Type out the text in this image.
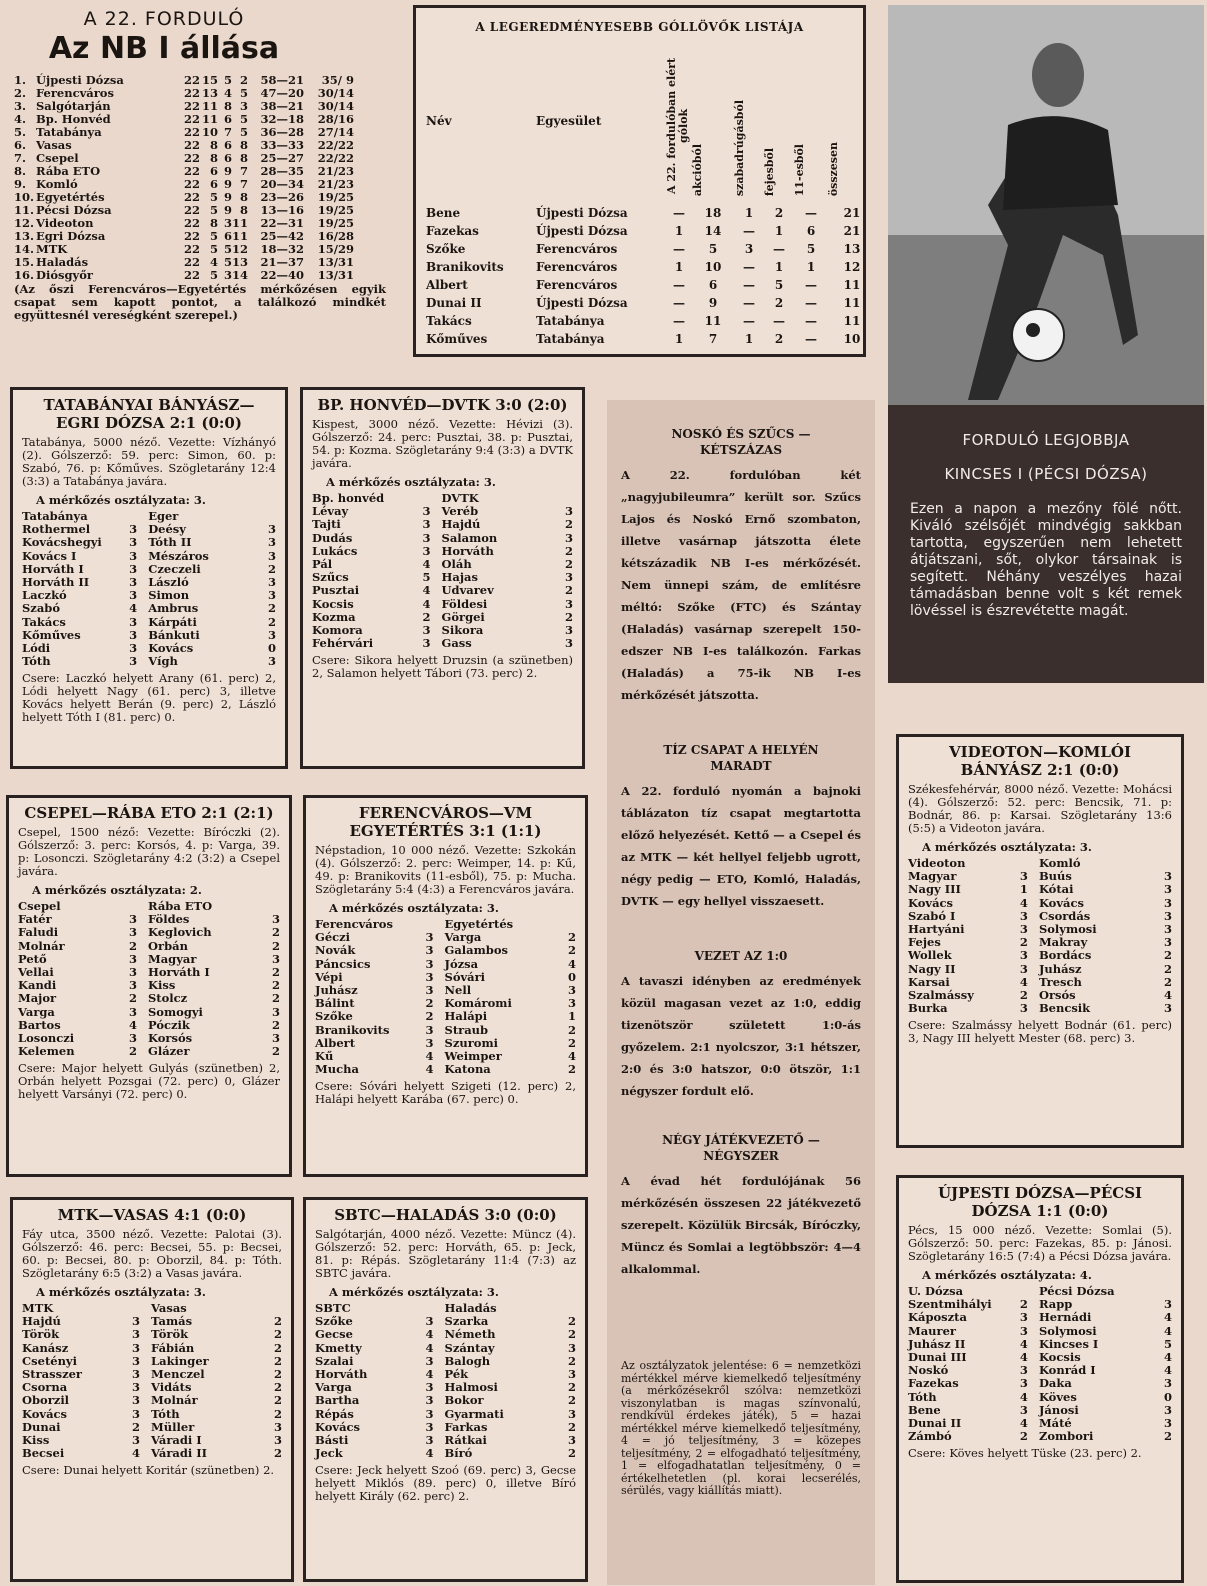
A 22. FORDULÓ
Az NB I állása
1. Újpesti Dózsa	22 15 5 2	58—21	35/ 9
2. Ferencváros	22 13 4 5	47—20	30/14
3. Salgótarján	22 11 8 3	38—21	30/14
4. Bp. Honvéd	22 11 6 5	32—18	28/16
5. Tatabánya	22 10 7 5	36—28	27/14
6. Vasas	22 8 6 8	33—33	22/22
7. Csepel	22 8 6 8	25—27	22/22
8. Rába ETO	22 6 9 7	28—35	21/23
9. Komló	22 6 9 7	20—34	21/23
10. Egyetértés	22 5 9 8	23—26	19/25
11. Pécsi Dózsa	22 5 9 8	13—16	19/25
12. Videoton	22 8 3 11	22—31	19/25
13. Egri Dózsa	22 5 6 11	25—42	16/28
14. MTK	22 5 5 12	18—32	15/29
15. Haladás	22 4 5 13	21—37	13/31
16. Diósgyőr	22 5 3 14	22—40	13/31
(Az őszi Ferencváros—Egyetértés mérkőzésen egyik csapat sem kapott pontot, a találkozó mindkét együttesnél vereségként szerepel.)
A LEGEREDMÉNYESEBB GÓLLÖVŐK LISTÁJA
Név	Egyesület	A 22. fordulóban elért gólok
akcióból	szabadrúgásból	fejesből	11-esből	összesen
Bene	Újpesti Dózsa	—	18	1	2	—	21
Fazekas	Újpesti Dózsa	1	14	—	1	6	21
Szőke	Ferencváros	—	5	3	—	5	13
Branikovits	Ferencváros	1	10	—	1	1	12
Albert	Ferencváros	—	6	—	5	—	11
Dunai II	Újpesti Dózsa	—	9	—	2	—	11
Takács	Tatabánya	—	11	—	—	—	11
Kőműves	Tatabánya	1	7	1	2	—	10
FORDULÓ LEGJOBBJA
KINCSES I (PÉCSI DÓZSA)
Ezen a napon a mezőny fölé nőtt. Kiváló szélsőjét mindvégig sakkban tartotta, egyszerűen nem lehetett átjátszani, sőt, olykor társainak is segített. Néhány veszélyes hazai támadásban benne volt s két remek lövéssel is észrevétette magát.
NOSKÓ ÉS SZŰCS — KÉTSZÁZAS

A 22. fordulóban két „nagyjubileumra” került sor. Szűcs Lajos és Noskó Ernő szombaton, illetve vasárnap játszotta élete kétszázadik NB I-es mérkőzését. Nem ünnepi szám, de említésre méltó: Szőke (FTC) és Szántay (Haladás) vasárnap szerepelt 150-edszer NB I-es találkozón. Farkas (Haladás) a 75-ik NB I-es mérkőzését játszotta.

TÍZ CSAPAT A HELYÉN MARADT

A 22. forduló nyomán a bajnoki táblázaton tíz csapat megtartotta előző helyezését. Kettő — a Csepel és az MTK — két hellyel feljebb ugrott, négy pedig — ETO, Komló, Haladás, DVTK — egy hellyel visszaesett.

VEZET AZ 1:0

A tavaszi idényben az eredmények közül magasan vezet az 1:0, eddig tizenötször született 1:0-ás győzelem. 2:1 nyolcszor, 3:1 hétszer, 2:0 és 3:0 hatszor, 0:0 ötször, 1:1 négyszer fordult elő.

NÉGY JÁTÉKVEZETŐ — NÉGYSZER

A évad hét fordulójának 56 mérkőzésén összesen 22 játékvezető szerepelt. Közülük Bircsák, Bíróczky, Müncz és Somlai a legtöbbször: 4—4 alkalommal.

Az osztályzatok jelentése: 6 = nemzetközi mértékkel mérve kiemelkedő teljesítmény (a mérkőzésekről szólva: nemzetközi viszonylatban is magas színvonalú, rendkívül érdekes játék), 5 = hazai mértékkel mérve kiemelkedő teljesítmény, 4 = jó teljesítmény, 3 = közepes teljesítmény, 2 = elfogadható teljesítmény, 1 = elfogadhatatlan teljesítmény, 0 = értékelhetetlen (pl. korai lecserélés, sérülés, vagy kiállítás miatt).

TATABÁNYAI BÁNYÁSZ—EGRI DÓZSA 2:1 (0:0)
Tatabánya, 5000 néző. Vezette: Vízhányó (2). Gólszerző: 59. perc: Simon, 60. p: Szabó, 76. p: Kőműves. Szögletarány 12:4 (3:3) a Tatabánya javára.
A mérkőzés osztályzata: 3.
Tatabánya	Eger
Rothermel	3 Deésy	3
Kovácshegyi	3 Tóth II	3
Kovács I	3 Mészáros	3
Horváth I	3 Czeczeli	2
Horváth II	3 László	3
Laczkó	3 Simon	3
Szabó	4 Ambrus	2
Takács	3 Kárpáti	2
Kőműves	3 Bánkuti	3
Lódi	3 Kovács	0
Tóth	3 Vígh	3
Csere: Laczkó helyett Arany (61. perc) 2, Lódi helyett Nagy (61. perc) 3, illetve Kovács helyett Berán (9. perc) 2, László helyett Tóth I (81. perc) 0.
BP. HONVÉD—DVTK 3:0 (2:0)
Kispest, 3000 néző. Vezette: Hévizi (3). Gólszerző: 24. perc: Pusztai, 38. p: Pusztai, 54. p: Kozma. Szögletarány 9:4 (3:3) a DVTK javára.
A mérkőzés osztályzata: 3.
Bp. honvéd	DVTK
Lévay	3 Veréb	3
Tajti	3 Hajdú	2
Dudás	3 Salamon	3
Lukács	3 Horváth	2
Pál	4 Oláh	2
Szűcs	5 Hajas	3
Pusztai	4 Udvarev	2
Kocsis	4 Földesi	3
Kozma	2 Görgei	2
Komora	3 Sikora	3
Fehérvári	3 Gass	3
Csere: Sikora helyett Druzsin (a szünetben) 2, Salamon helyett Tábori (73. perc) 2.
CSEPEL—RÁBA ETO 2:1 (2:1)
Csepel, 1500 néző: Vezette: Bíróczki (2). Gólszerző: 3. perc: Korsós, 4. p: Varga, 39. p: Losonczi. Szögletarány 4:2 (3:2) a Csepel javára.
A mérkőzés osztályzata: 2.
Csepel	Rába ETO
Fatér	3 Földes	3
Faludi	3 Keglovich	2
Molnár	2 Orbán	2
Pető	3 Magyar	3
Vellai	3 Horváth I	2
Kandi	3 Kiss	2
Major	2 Stolcz	2
Varga	3 Somogyi	3
Bartos	4 Póczik	2
Losonczi	3 Korsós	3
Kelemen	2 Glázer	2
Csere: Major helyett Gulyás (szünetben) 2, Orbán helyett Pozsgai (72. perc) 0, Glázer helyett Varsányi (72. perc) 0.
FERENCVÁROS—VM EGYETÉRTÉS 3:1 (1:1)
Népstadion, 10 000 néző. Vezette: Szkokán (4). Gólszerző: 2. perc: Weimper, 14. p: Kű, 49. p: Branikovits (11-esből), 75. p: Mucha. Szögletarány 5:4 (4:3) a Ferencváros javára.
A mérkőzés osztályzata: 3.
Ferencváros	Egyetértés
Géczi	3 Varga	2
Novák	3 Galambos	2
Páncsics	3 Józsa	4
Vépi	3 Sóvári	0
Juhász	3 Nell	3
Bálint	2 Komáromi	3
Szőke	2 Halápi	1
Branikovits	3 Straub	2
Albert	3 Szuromi	2
Kű	4 Weimper	4
Mucha	4 Katona	2
Csere: Sóvári helyett Szigeti (12. perc) 2, Halápi helyett Karába (67. perc) 0.
MTK—VASAS 4:1 (0:0)
Fáy utca, 3500 néző. Vezette: Palotai (3). Gólszerző: 46. perc: Becsei, 55. p: Becsei, 60. p: Becsei, 80. p: Oborzil, 84. p: Tóth. Szögletarány 6:5 (3:2) a Vasas javára.
A mérkőzés osztályzata: 3.
MTK	Vasas
Hajdú	3 Tamás	2
Török	3 Török	2
Kanász	3 Fábián	2
Csetényi	3 Lakinger	2
Strasszer	3 Menczel	2
Csorna	3 Vidáts	2
Oborzil	3 Molnár	2
Kovács	3 Tóth	2
Dunai	2 Müller	3
Kiss	3 Váradi I	3
Becsei	4 Váradi II	2
Csere: Dunai helyett Koritár (szünetben) 2.
SBTC—HALADÁS 3:0 (0:0)
Salgótarján, 4000 néző. Vezette: Müncz (4). Gólszerző: 52. perc: Horváth, 65. p: Jeck, 81. p: Répás. Szögletarány 11:4 (7:3) az SBTC javára.
A mérkőzés osztályzata: 3.
SBTC	Haladás
Szőke	3 Szarka	2
Gecse	4 Németh	2
Kmetty	4 Szántay	3
Szalai	3 Balogh	2
Horváth	4 Pék	3
Varga	3 Halmosi	2
Bartha	3 Bokor	2
Répás	3 Gyarmati	3
Kovács	3 Farkas	2
Básti	3 Rátkai	3
Jeck	4 Bíró	2
Csere: Jeck helyett Szoó (69. perc) 3, Gecse helyett Miklós (89. perc) 0, illetve Bíró helyett Király (62. perc) 2.
VIDEOTON—KOMLÓI BÁNYÁSZ 2:1 (0:0)
Székesfehérvár, 8000 néző. Vezette: Mohácsi (4). Gólszerző: 52. perc: Bencsik, 71. p: Bodnár, 86. p: Karsai. Szögletarány 13:6 (5:5) a Videoton javára.
A mérkőzés osztályzata: 3.
Videoton	Komló
Magyar	3 Buús	3
Nagy III	1 Kótai	3
Kovács	4 Kovács	3
Szabó I	3 Csordás	3
Hartyáni	3 Solymosi	3
Fejes	2 Makray	3
Wollek	3 Bordács	2
Nagy II	3 Juhász	2
Karsai	4 Tresch	2
Szalmássy	2 Orsós	4
Burka	3 Bencsik	3
Csere: Szalmássy helyett Bodnár (61. perc) 3, Nagy III helyett Mester (68. perc) 3.
ÚJPESTI DÓZSA—PÉCSI DÓZSA 1:1 (0:0)
Pécs, 15 000 néző. Vezette: Somlai (5). Gólszerző: 50. perc: Fazekas, 85. p: Jánosi. Szögletarány 16:5 (7:4) a Pécsi Dózsa javára.
A mérkőzés osztályzata: 4.
U. Dózsa	Pécsi Dózsa
Szentmihályi	2 Rapp	3
Káposzta	3 Hernádi	4
Maurer	3 Solymosi	4
Juhász II	4 Kincses I	5
Dunai III	4 Kocsis	4
Noskó	3 Konrád I	4
Fazekas	3 Daka	3
Tóth	4 Köves	0
Bene	3 Jánosi	3
Dunai II	4 Máté	3
Zámbó	2 Zombori	2
Csere: Köves helyett Tüske (23. perc) 2.
